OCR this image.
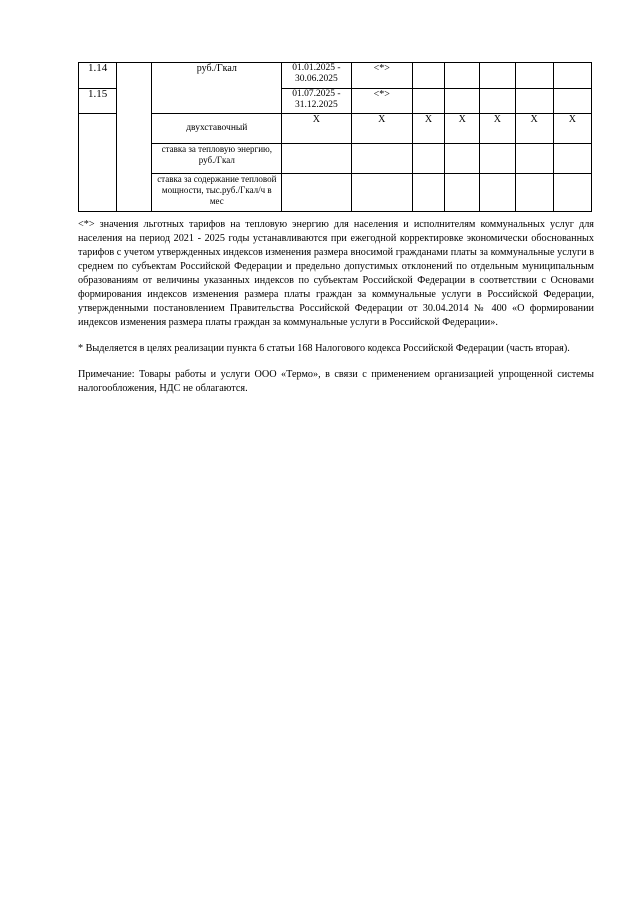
1.14		руб./Гкал	01.01.2025 - 30.06.2025	<*>					
1.15			01.07.2025 - 31.12.2025	<*>					
		двухставочный	Х	Х	Х	Х	Х	Х	Х
		ставка за тепловую энергию, руб./Гкал							
		ставка за содержание тепловой мощности, тыс.руб./Гкал/ч в мес							

<*> значения льготных тарифов на тепловую энергию для населения и исполнителям коммунальных услуг для населения на период 2021 - 2025 годы устанавливаются при ежегодной корректировке экономически обоснованных тарифов с учетом утвержденных индексов изменения размера вносимой гражданами платы за коммунальные услуги в среднем по субъектам Российской Федерации и предельно допустимых отклонений по отдельным муниципальным образованиям от величины указанных индексов по субъектам Российской Федерации в соответствии с Основами формирования индексов изменения размера платы граждан за коммунальные услуги в Российской Федерации, утвержденными постановлением Правительства Российской Федерации от 30.04.2014 № 400 «О формировании индексов изменения размера платы граждан за коммунальные услуги в Российской Федерации».

* Выделяется в целях реализации пункта 6 статьи 168 Налогового кодекса Российской Федерации (часть вторая).

Примечание: Товары работы и услуги ООО «Термо», в связи с применением организацией упрощенной системы налогообложения, НДС не облагаются.
